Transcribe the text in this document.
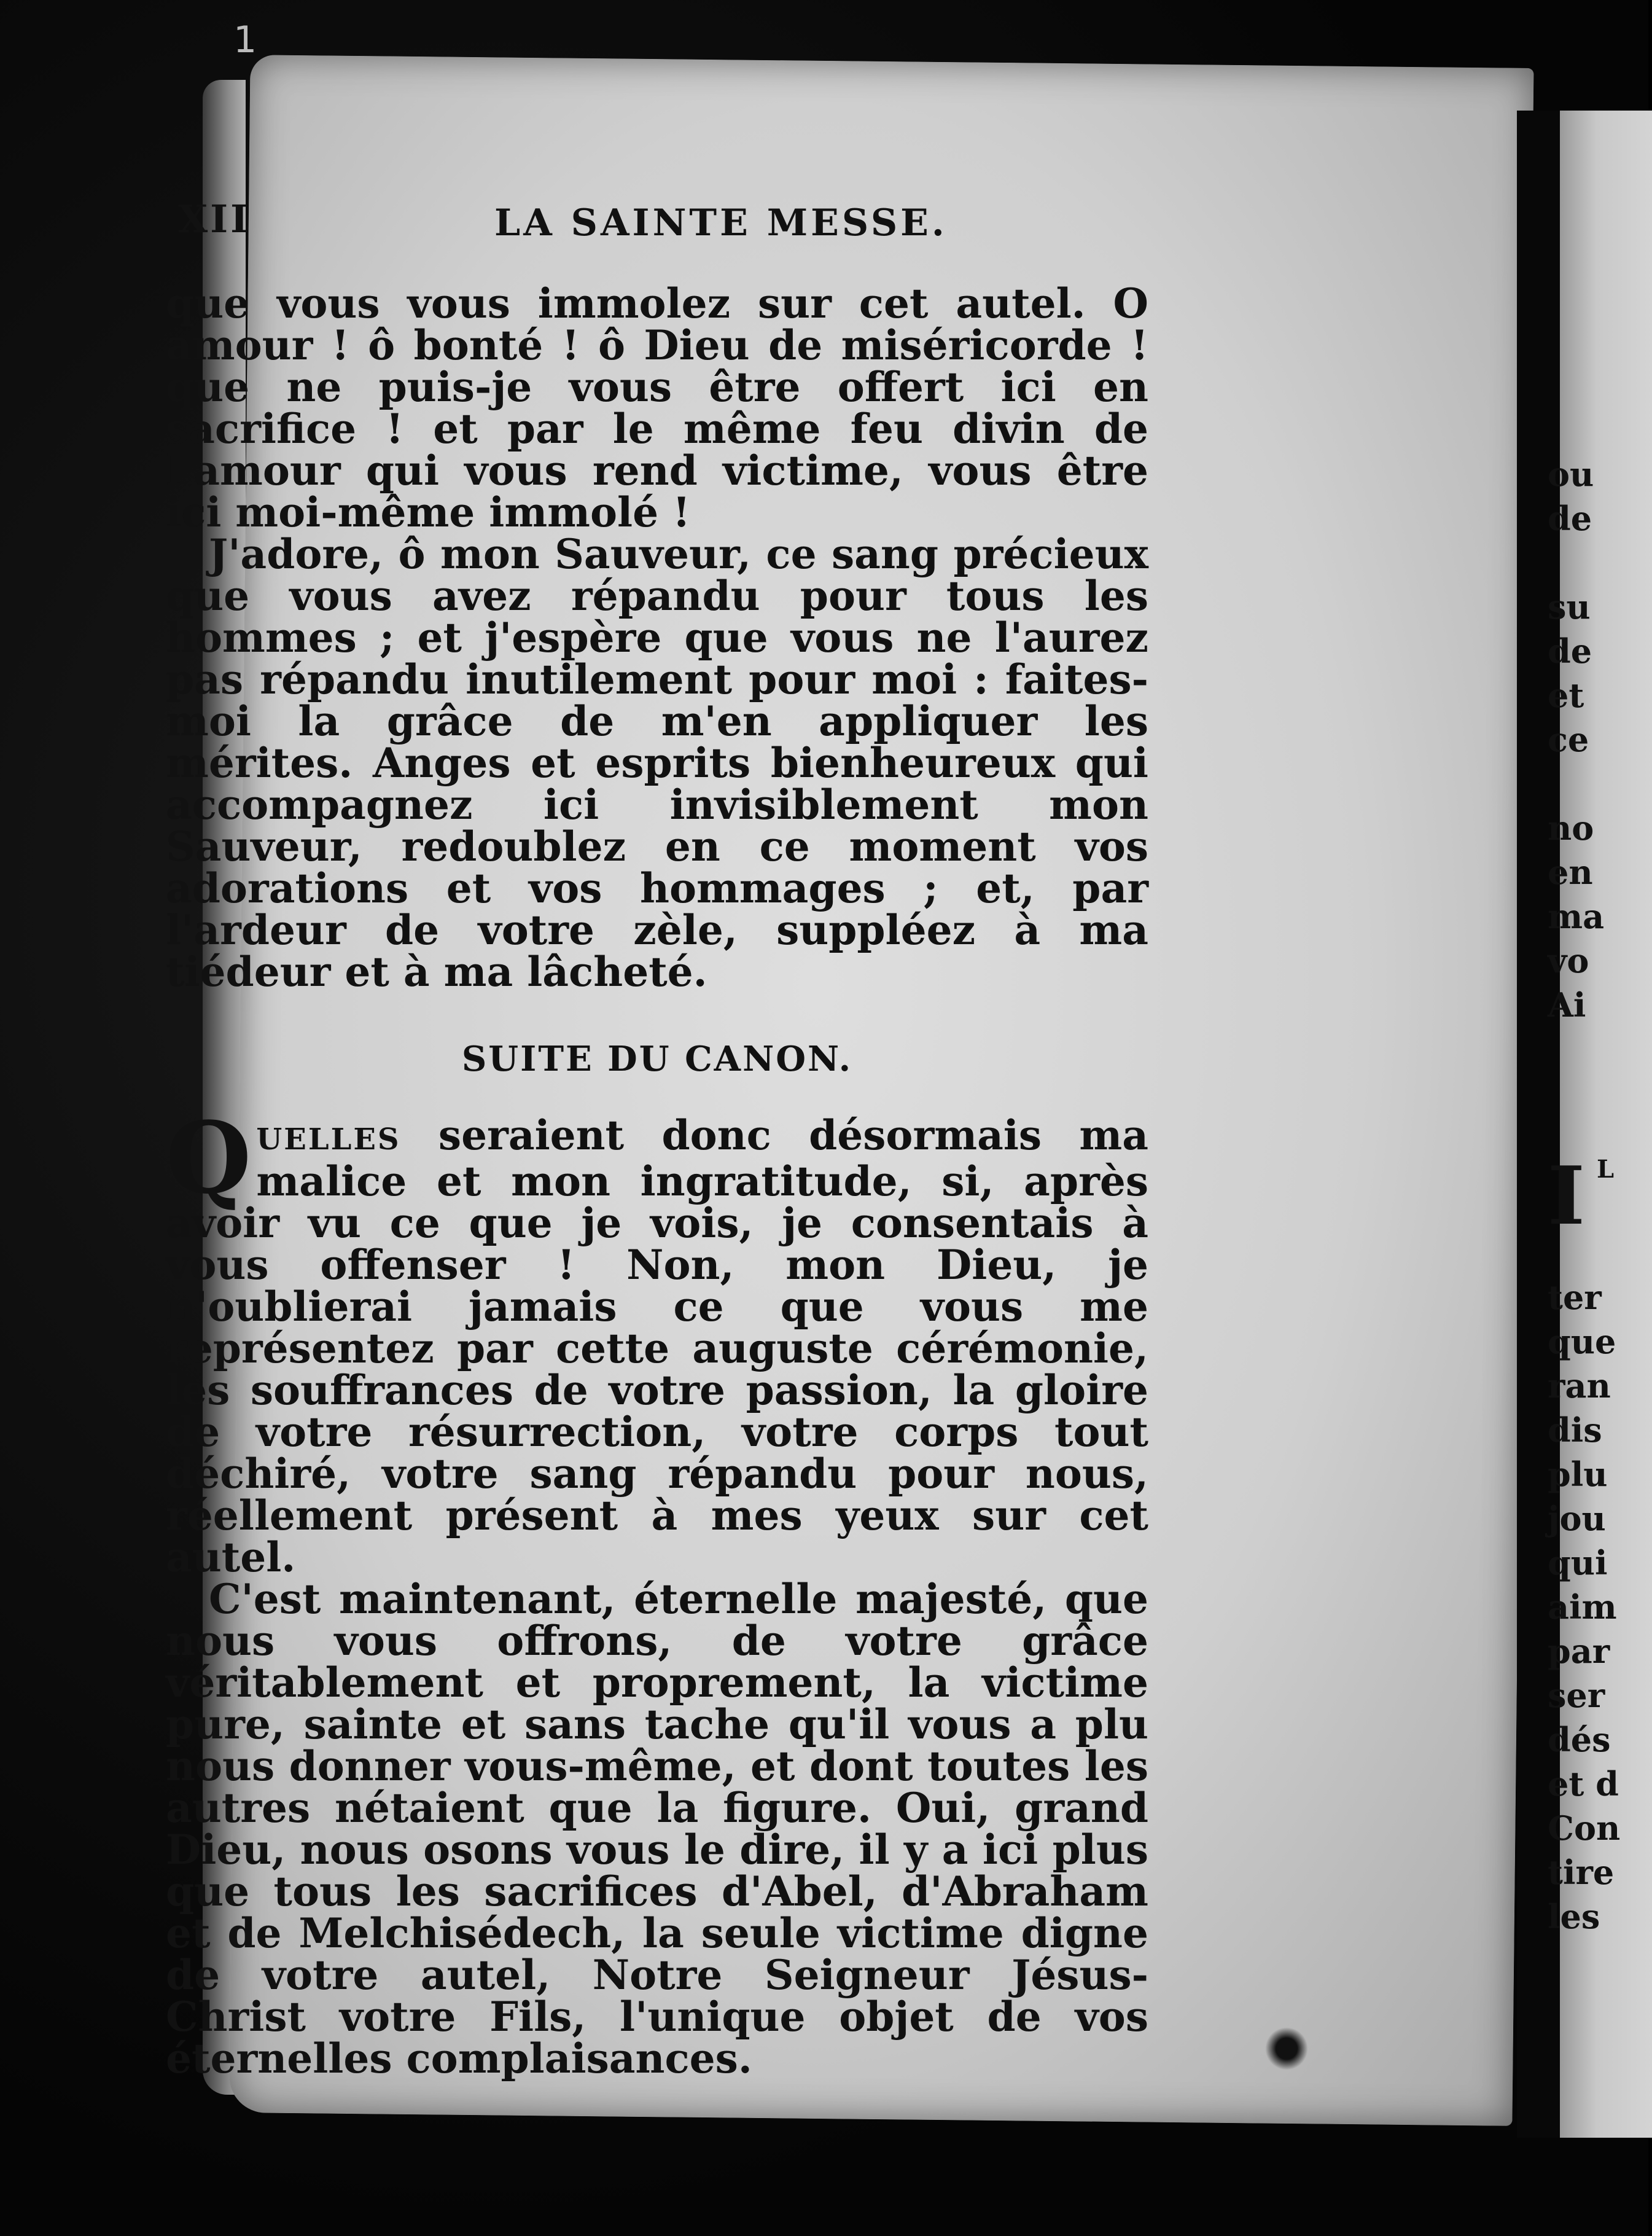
1
ou
de
su
de
et
ce
no
en
ma
vo
Ai
I L
ter
que
ran
dis
plu
jou
qui
aim
par
ser
dés
et d
Con
tire
les
XII	LA SAINTE MESSE.

que vous vous immolez sur cet autel. O amour ! ô bonté ! ô Dieu de miséricorde ! que ne puis-je vous être offert ici en sacrifice ! et par le même feu divin de l'amour qui vous rend victime, vous être ici moi-même immolé !

J'adore, ô mon Sauveur, ce sang précieux que vous avez répandu pour tous les hommes ; et j'espère que vous ne l'aurez pas répandu inutilement pour moi : faites-moi la grâce de m'en appliquer les mérites. Anges et esprits bienheureux qui accompagnez ici invisiblement mon Sauveur, redoublez en ce moment vos adorations et vos hommages ; et, par l'ardeur de votre zèle, suppléez à ma tiédeur et à ma lâcheté.

SUITE DU CANON.

QUELLES seraient donc désormais ma malice et mon ingratitude, si, après avoir vu ce que je vois, je consentais à vous offenser ! Non, mon Dieu, je n'oublierai jamais ce que vous me représentez par cette auguste cérémonie, les souffrances de votre passion, la gloire de votre résurrection, votre corps tout déchiré, votre sang répandu pour nous, réellement présent à mes yeux sur cet autel.

C'est maintenant, éternelle majesté, que nous vous offrons, de votre grâce véritablement et proprement, la victime pure, sainte et sans tache qu'il vous a plu nous donner vous-même, et dont toutes les autres nétaient que la figure. Oui, grand Dieu, nous osons vous le dire, il y a ici plus que tous les sacrifices d'Abel, d'Abraham et de Melchisédech, la seule victime digne de votre autel, Notre Seigneur Jésus-Christ votre Fils, l'unique objet de vos éternelles complaisances.
